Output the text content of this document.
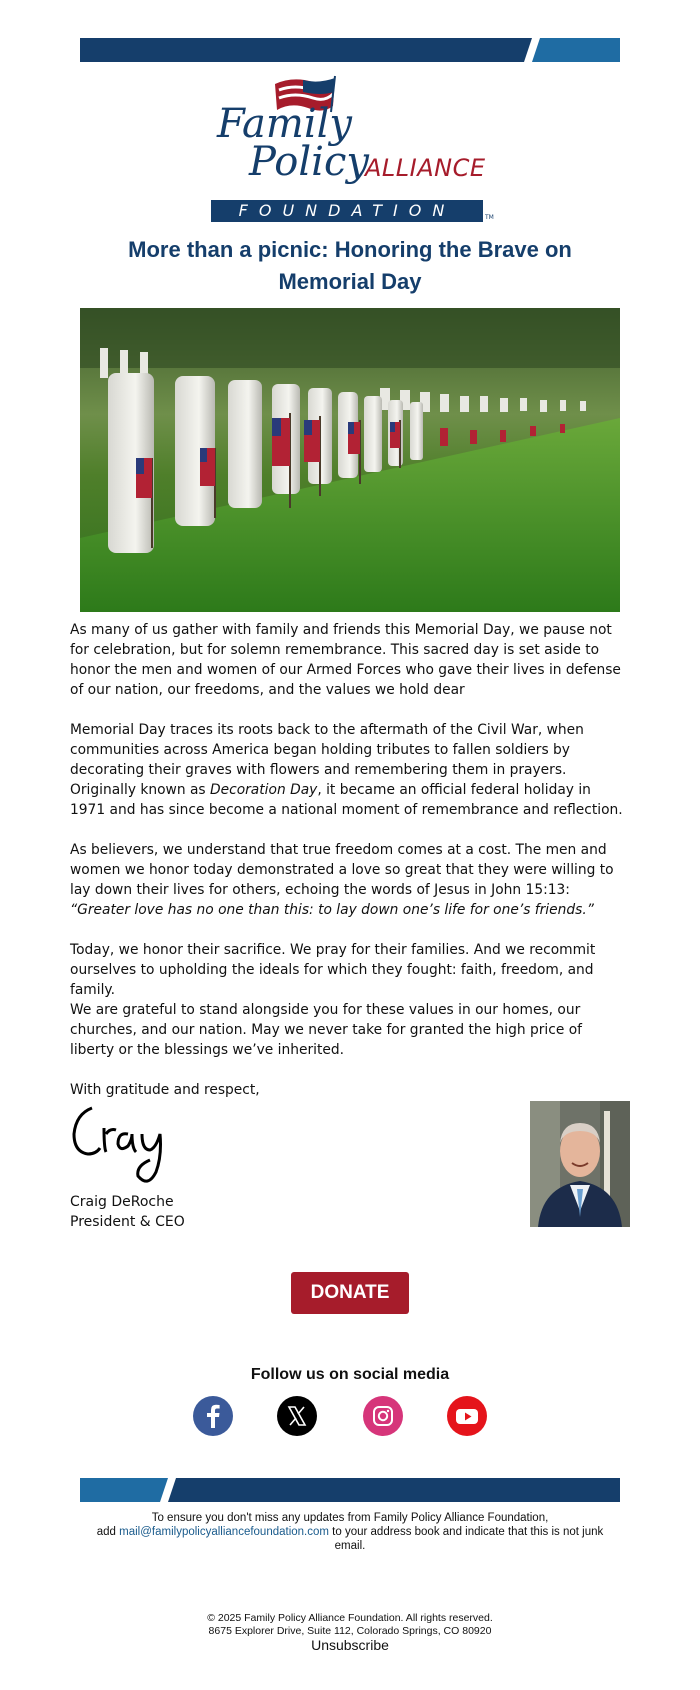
Family
Policy
ALLIANCE
FOUNDATION	TM
More than a picnic: Honoring the Brave on Memorial Day

As many of us gather with family and friends this Memorial Day, we pause not for celebration, but for solemn remembrance. This sacred day is set aside to honor the men and women of our Armed Forces who gave their lives in defense of our nation, our freedoms, and the values we hold dear

Memorial Day traces its roots back to the aftermath of the Civil War, when communities across America began holding tributes to fallen soldiers by decorating their graves with flowers and remembering them in prayers. Originally known as Decoration Day, it became an official federal holiday in 1971 and has since become a national moment of remembrance and reflection.

As believers, we understand that true freedom comes at a cost. The men and women we honor today demonstrated a love so great that they were willing to lay down their lives for others, echoing the words of Jesus in John 15:13: “Greater love has no one than this: to lay down one’s life for one’s friends.”

Today, we honor their sacrifice. We pray for their families. And we recommit ourselves to upholding the ideals for which they fought: faith, freedom, and family.

We are grateful to stand alongside you for these values in our homes, our churches, and our nation. May we never take for granted the high price of liberty or the blessings we’ve inherited.

With gratitude and respect,

Craig DeRoche
President & CEO
DONATE
Follow us on social media
To ensure you don't miss any updates from Family Policy Alliance Foundation,
add mail@familypolicyalliancefoundation.com to your address book and indicate that this is not junk email.
© 2025 Family Policy Alliance Foundation. All rights reserved.
8675 Explorer Drive, Suite 112, Colorado Springs, CO 80920
Unsubscribe
